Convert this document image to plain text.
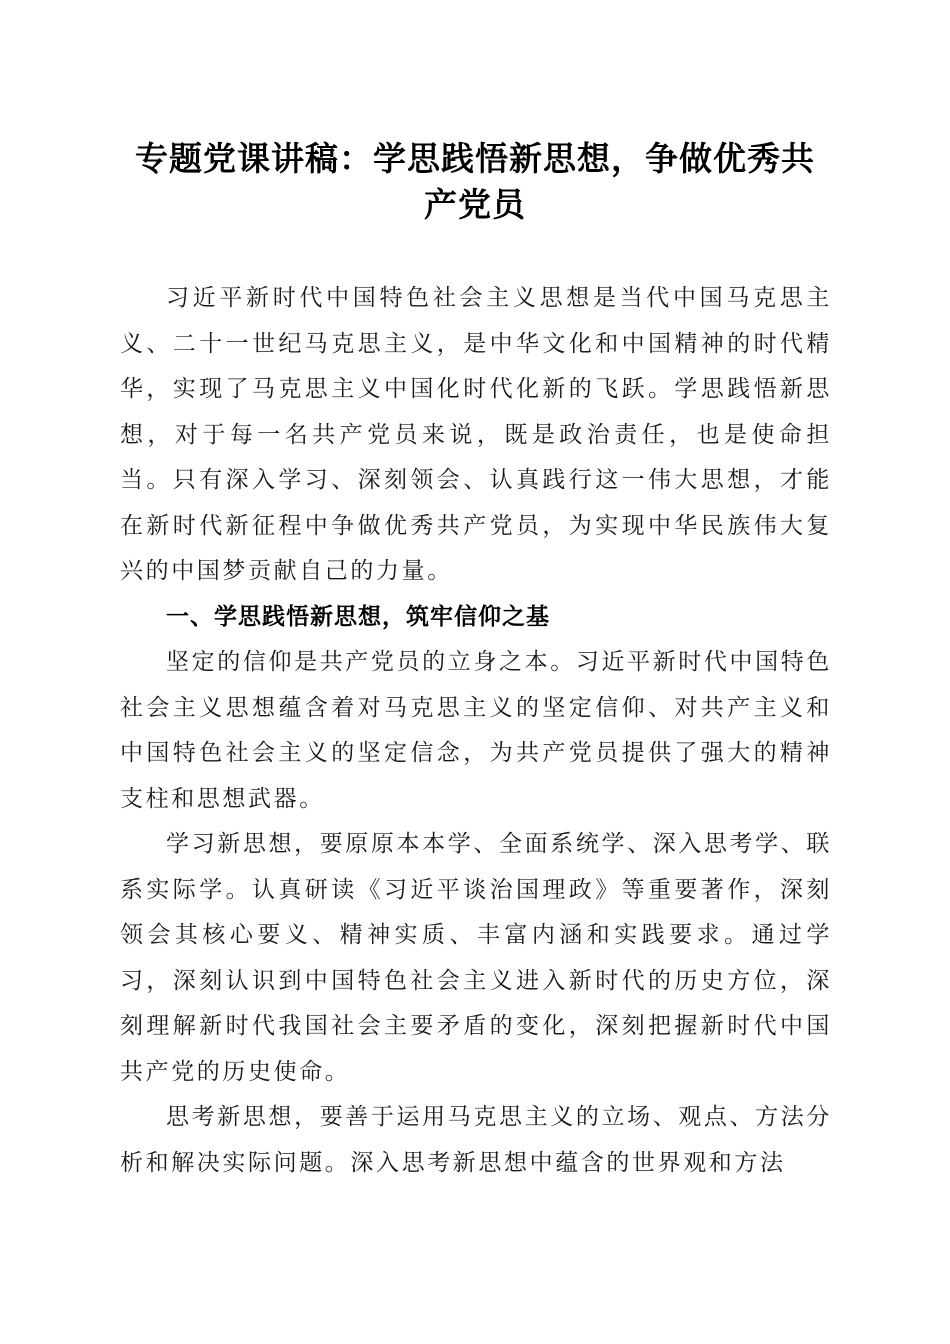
专题党课讲稿：学思践悟新思想，争做优秀共
产党员

习近平新时代中国特色社会主义思想是当代中国马克思主义、二十一世纪马克思主义，是中华文化和中国精神的时代精华，实现了马克思主义中国化时代化新的飞跃。学思践悟新思想，对于每一名共产党员来说，既是政治责任，也是使命担当。只有深入学习、深刻领会、认真践行这一伟大思想，才能在新时代新征程中争做优秀共产党员，为实现中华民族伟大复兴的中国梦贡献自己的力量。

一、学思践悟新思想，筑牢信仰之基

坚定的信仰是共产党员的立身之本。习近平新时代中国特色社会主义思想蕴含着对马克思主义的坚定信仰、对共产主义和中国特色社会主义的坚定信念，为共产党员提供了强大的精神支柱和思想武器。

学习新思想，要原原本本学、全面系统学、深入思考学、联系实际学。认真研读《习近平谈治国理政》等重要著作，深刻领会其核心要义、精神实质、丰富内涵和实践要求。通过学习，深刻认识到中国特色社会主义进入新时代的历史方位，深刻理解新时代我国社会主要矛盾的变化，深刻把握新时代中国共产党的历史使命。

思考新思想，要善于运用马克思主义的立场、观点、方法分析和解决实际问题。深入思考新思想中蕴含的世界观和方法
